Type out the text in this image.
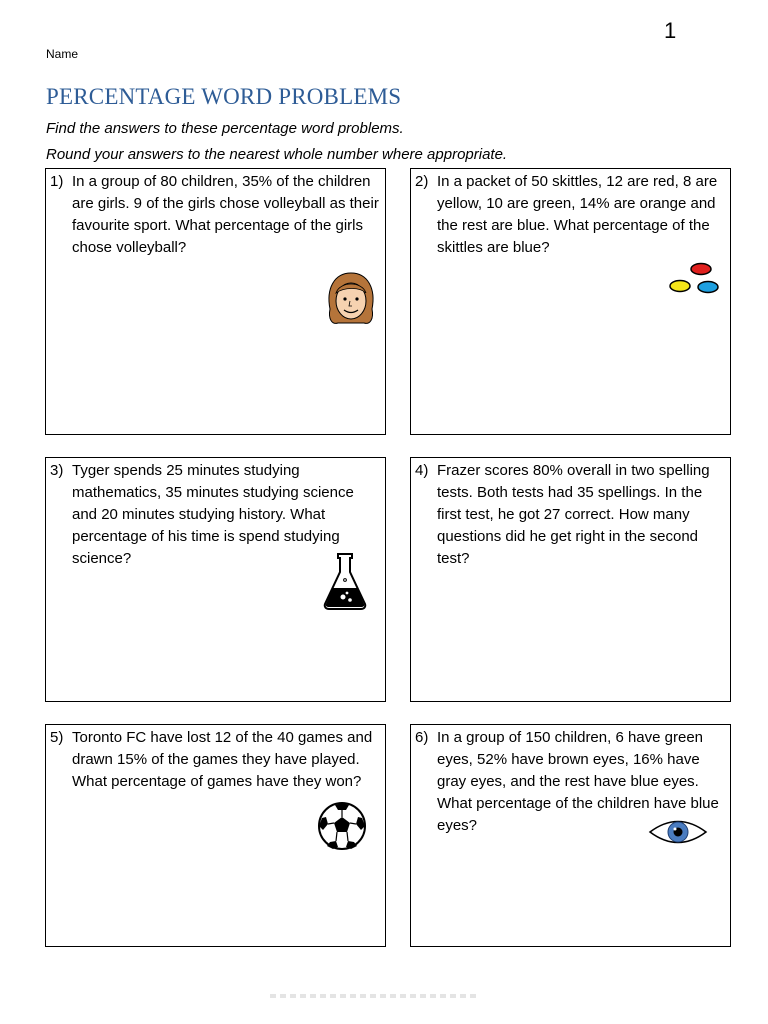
1
Name
PERCENTAGE WORD PROBLEMS

Find the answers to these percentage word problems.

Round your answers to the nearest whole number where appropriate.

1) In a group of 80 children, 35% of the children are girls. 9 of the girls chose volleyball as their favourite sport. What percentage of the girls chose volleyball?
2) In a packet of 50 skittles, 12 are red, 8 are yellow, 10 are green, 14% are orange and the rest are blue. What percentage of the skittles are blue?
3) Tyger spends 25 minutes studying mathematics, 35 minutes studying science and 20 minutes studying history. What percentage of his time is spend studying science?
4) Frazer scores 80% overall in two spelling tests. Both tests had 35 spellings. In the first test, he got 27 correct. How many questions did he get right in the second test?
5) Toronto FC have lost 12 of the 40 games and drawn 15% of the games they have played. What percentage of games have they won?
6) In a group of 150 children, 6 have green eyes, 52% have brown eyes, 16% have gray eyes, and the rest have blue eyes. What percentage of the children have blue eyes?
